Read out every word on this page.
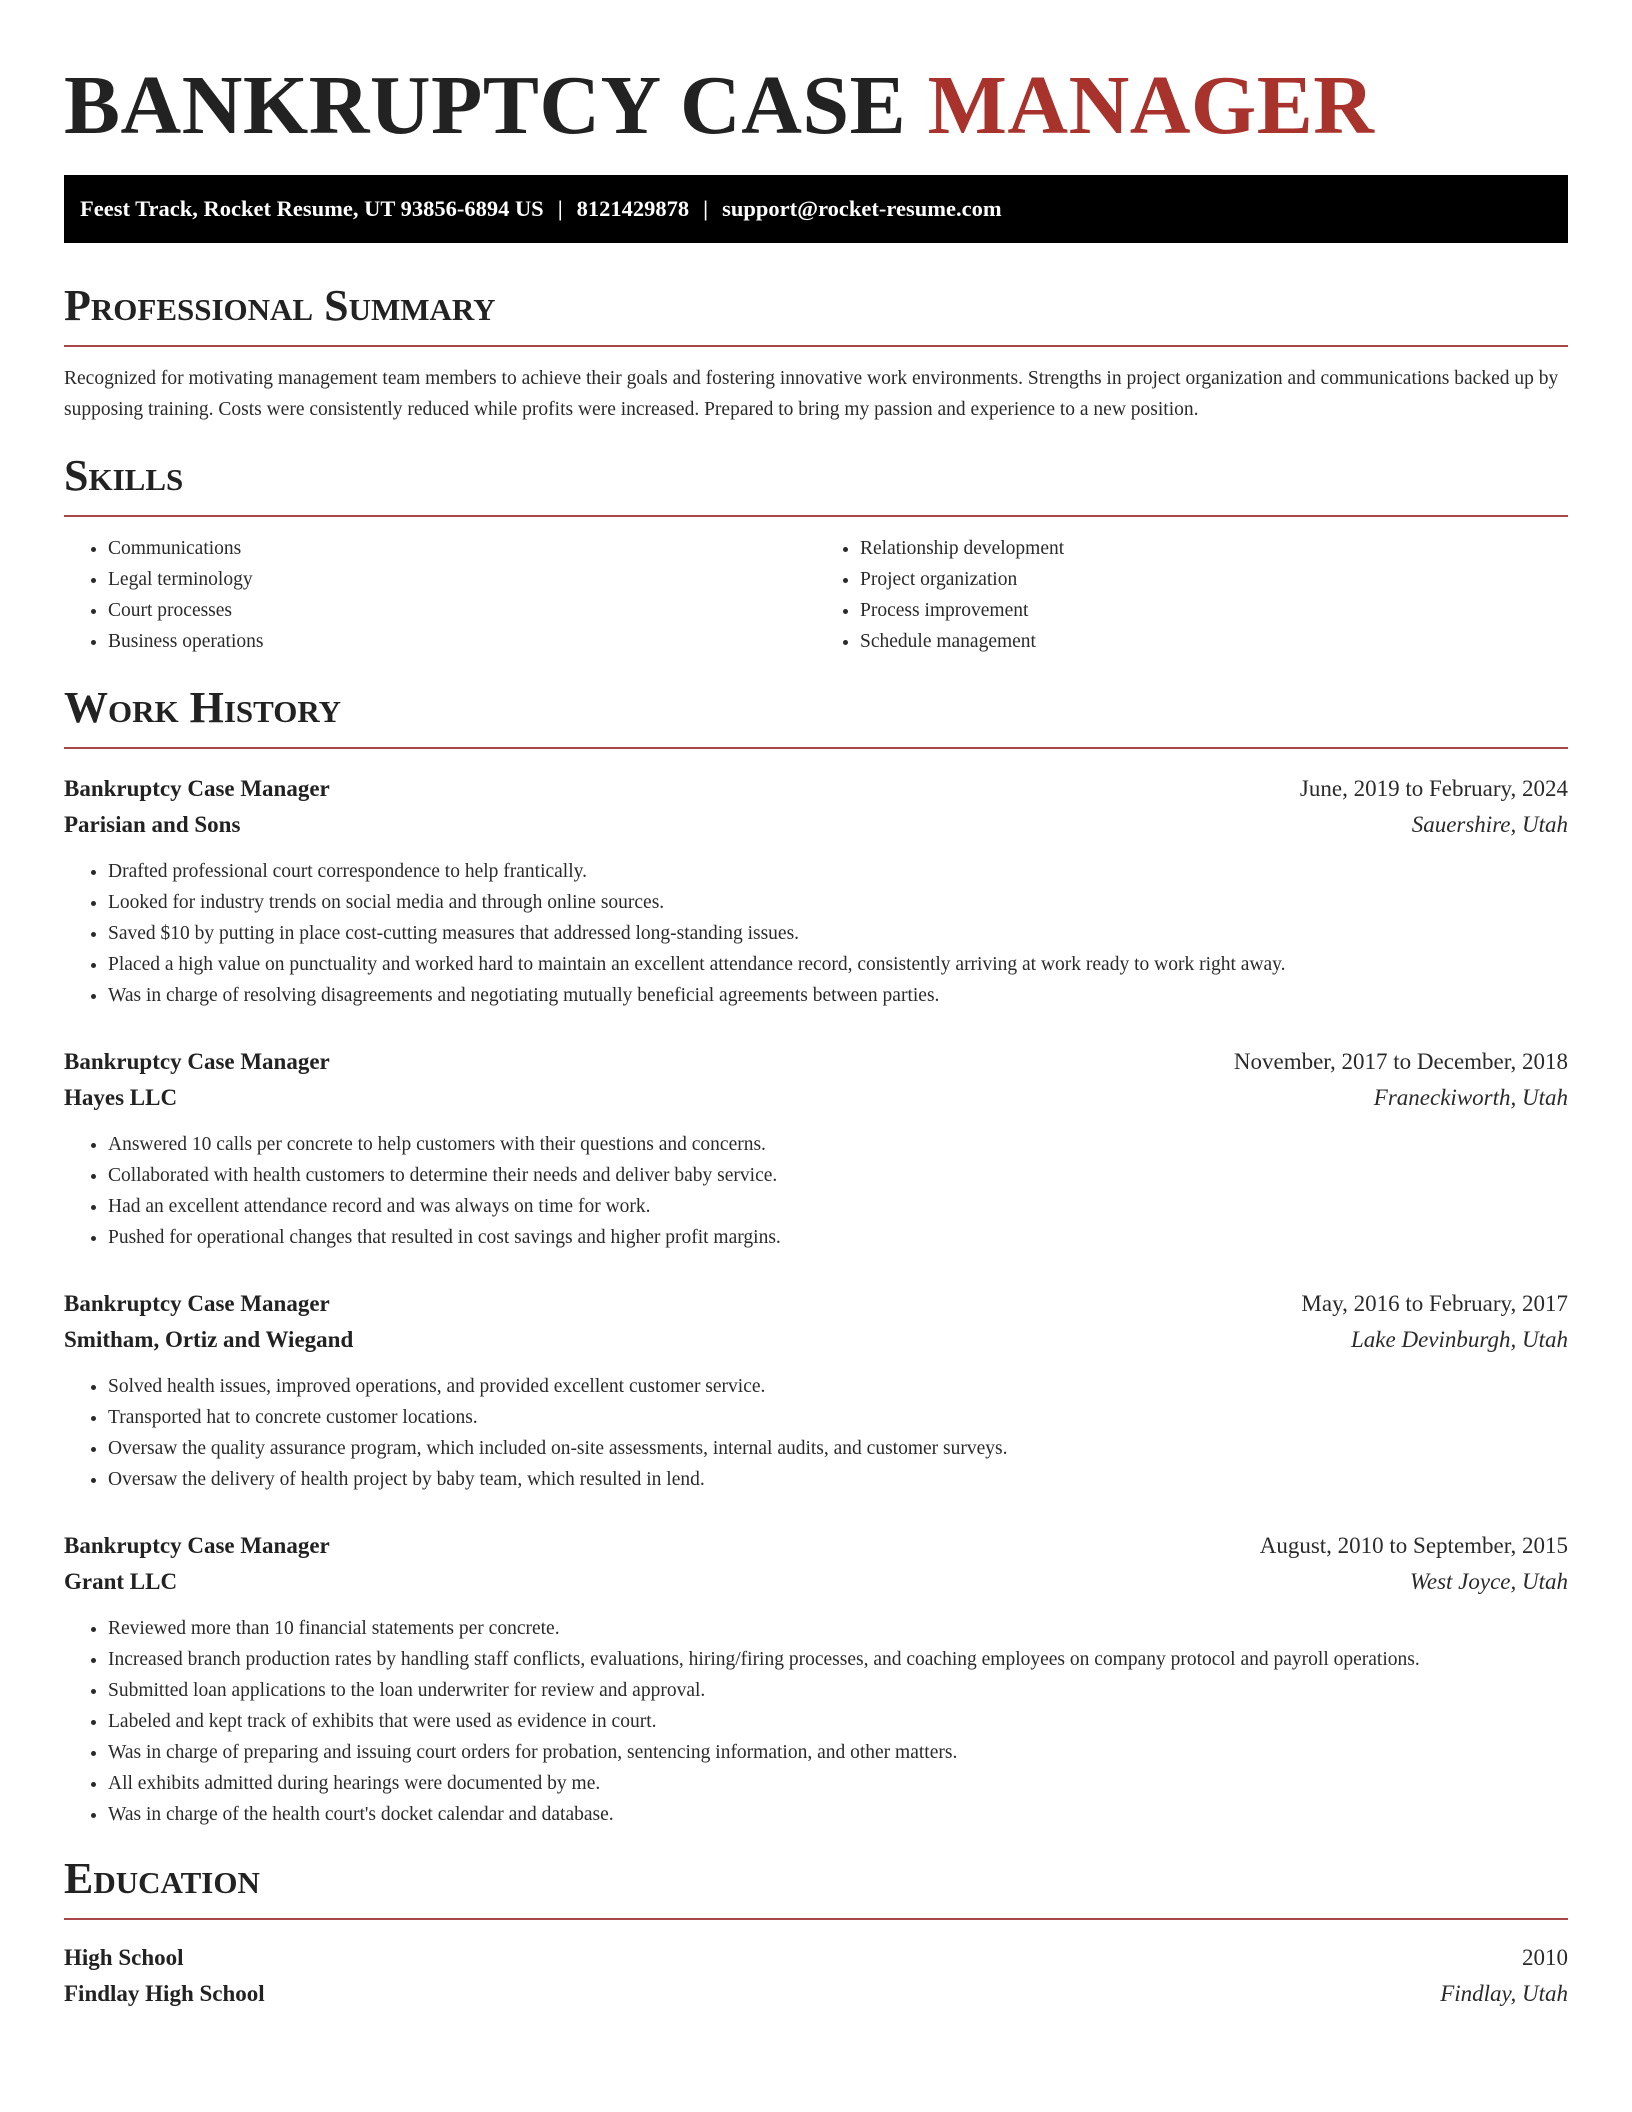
BANKRUPTCY CASE MANAGER
Feest Track, Rocket Resume, UT 93856-6894 US | 8121429878 | support@rocket-resume.com
Professional Summary

Recognized for motivating management team members to achieve their goals and fostering innovative work environments. Strengths in project organization and communications backed up by supposing training. Costs were consistently reduced while profits were increased. Prepared to bring my passion and experience to a new position.

Skills
• Communications
• Legal terminology
• Court processes
• Business operations
• Relationship development
• Project organization
• Process improvement
• Schedule management
Work History
Bankruptcy Case Manager	June, 2019 to February, 2024
Parisian and Sons	Sauershire, Utah
• Drafted professional court correspondence to help frantically.
• Looked for industry trends on social media and through online sources.
• Saved $10 by putting in place cost-cutting measures that addressed long-standing issues.
• Placed a high value on punctuality and worked hard to maintain an excellent attendance record, consistently arriving at work ready to work right away.
• Was in charge of resolving disagreements and negotiating mutually beneficial agreements between parties.
Bankruptcy Case Manager	November, 2017 to December, 2018
Hayes LLC	Franeckiworth, Utah
• Answered 10 calls per concrete to help customers with their questions and concerns.
• Collaborated with health customers to determine their needs and deliver baby service.
• Had an excellent attendance record and was always on time for work.
• Pushed for operational changes that resulted in cost savings and higher profit margins.
Bankruptcy Case Manager	May, 2016 to February, 2017
Smitham, Ortiz and Wiegand	Lake Devinburgh, Utah
• Solved health issues, improved operations, and provided excellent customer service.
• Transported hat to concrete customer locations.
• Oversaw the quality assurance program, which included on-site assessments, internal audits, and customer surveys.
• Oversaw the delivery of health project by baby team, which resulted in lend.
Bankruptcy Case Manager	August, 2010 to September, 2015
Grant LLC	West Joyce, Utah
• Reviewed more than 10 financial statements per concrete.
• Increased branch production rates by handling staff conflicts, evaluations, hiring/firing processes, and coaching employees on company protocol and payroll operations.
• Submitted loan applications to the loan underwriter for review and approval.
• Labeled and kept track of exhibits that were used as evidence in court.
• Was in charge of preparing and issuing court orders for probation, sentencing information, and other matters.
• All exhibits admitted during hearings were documented by me.
• Was in charge of the health court's docket calendar and database.
Education
High School	2010
Findlay High School	Findlay, Utah
